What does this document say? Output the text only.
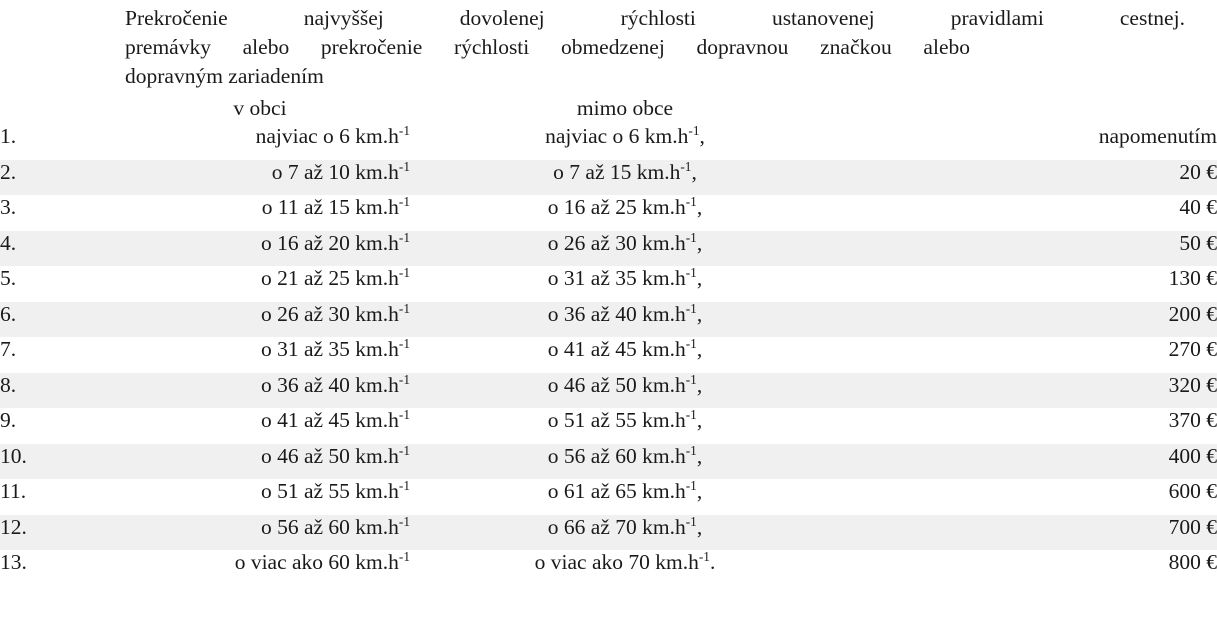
Prekročenie	najvyššej	dovolenej	rýchlosti	ustanovenej	pravidlami	cestnej.
premávky alebo prekročenie rýchlosti obmedzenej dopravnou značkou alebo
dopravným zariadením
	v obci	mimo obce	
1.	najviac o 6 $km.h^{-1}$	najviac o 6 $km.h^{-1}$,	napomenutím
2.	o 7 až 10 $km.h^{-1}$	o 7 až 15 $km.h^{-1}$,	20 €
3.	o 11 až 15 $km.h^{-1}$	o 16 až 25 $km.h^{-1}$,	40 €
4.	o 16 až 20 $km.h^{-1}$	o 26 až 30 $km.h^{-1}$,	50 €
5.	o 21 až 25 $km.h^{-1}$	o 31 až 35 $km.h^{-1}$,	130 €
6.	o 26 až 30 $km.h^{-1}$	o 36 až 40 $km.h^{-1}$,	200 €
7.	o 31 až 35 $km.h^{-1}$	o 41 až 45 $km.h^{-1}$,	270 €
8.	o 36 až 40 $km.h^{-1}$	o 46 až 50 $km.h^{-1}$,	320 €
9.	o 41 až 45 $km.h^{-1}$	o 51 až 55 $km.h^{-1}$,	370 €
10.	o 46 až 50 $km.h^{-1}$	o 56 až 60 $km.h^{-1}$,	400 €
11.	o 51 až 55 $km.h^{-1}$	o 61 až 65 $km.h^{-1}$,	600 €
12.	o 56 až 60 $km.h^{-1}$	o 66 až 70 $km.h^{-1}$,	700 €
13.	o viac ako 60 $km.h^{-1}$	o viac ako 70 $km.h^{-1}$.	800 €
